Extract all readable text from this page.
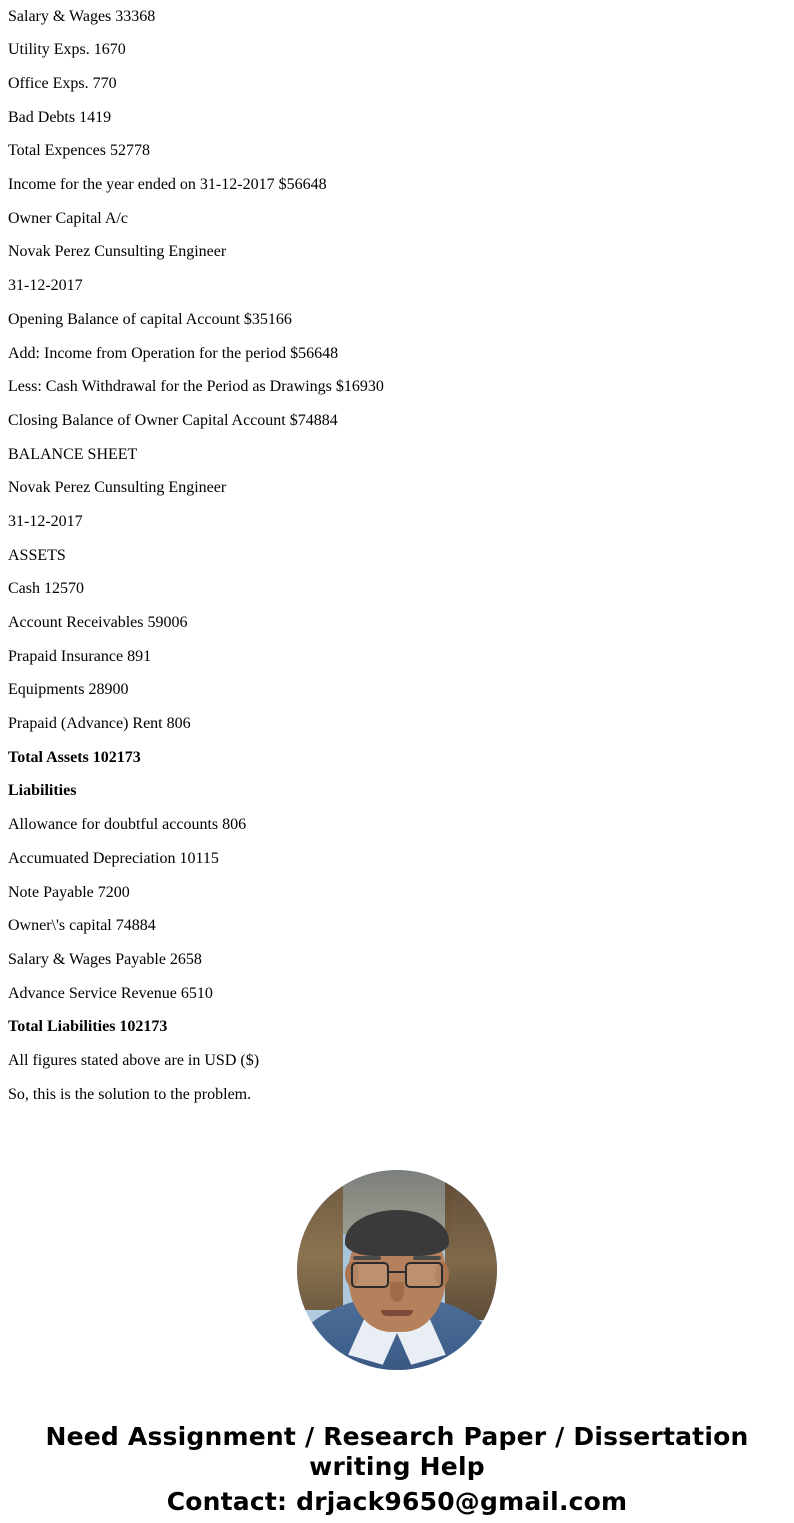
Salary & Wages 33368

Utility Exps. 1670

Office Exps. 770

Bad Debts 1419

Total Expences 52778

Income for the year ended on 31-12-2017 $56648

Owner Capital A/c

Novak Perez Cunsulting Engineer

31-12-2017

Opening Balance of capital Account $35166

Add: Income from Operation for the period $56648

Less: Cash Withdrawal for the Period as Drawings $16930

Closing Balance of Owner Capital Account $74884

BALANCE SHEET

Novak Perez Cunsulting Engineer

31-12-2017

ASSETS

Cash 12570

Account Receivables 59006

Prapaid Insurance 891

Equipments 28900

Prapaid (Advance) Rent 806

Total Assets 102173

Liabilities

Allowance for doubtful accounts 806

Accumuated Depreciation 10115

Note Payable 7200

Owner\'s capital 74884

Salary & Wages Payable 2658

Advance Service Revenue 6510

Total Liabilities 102173

All figures stated above are in USD ($)

So, this is the solution to the problem.

Need Assignment / Research Paper / Dissertation writing Help
Contact: drjack9650@gmail.com
